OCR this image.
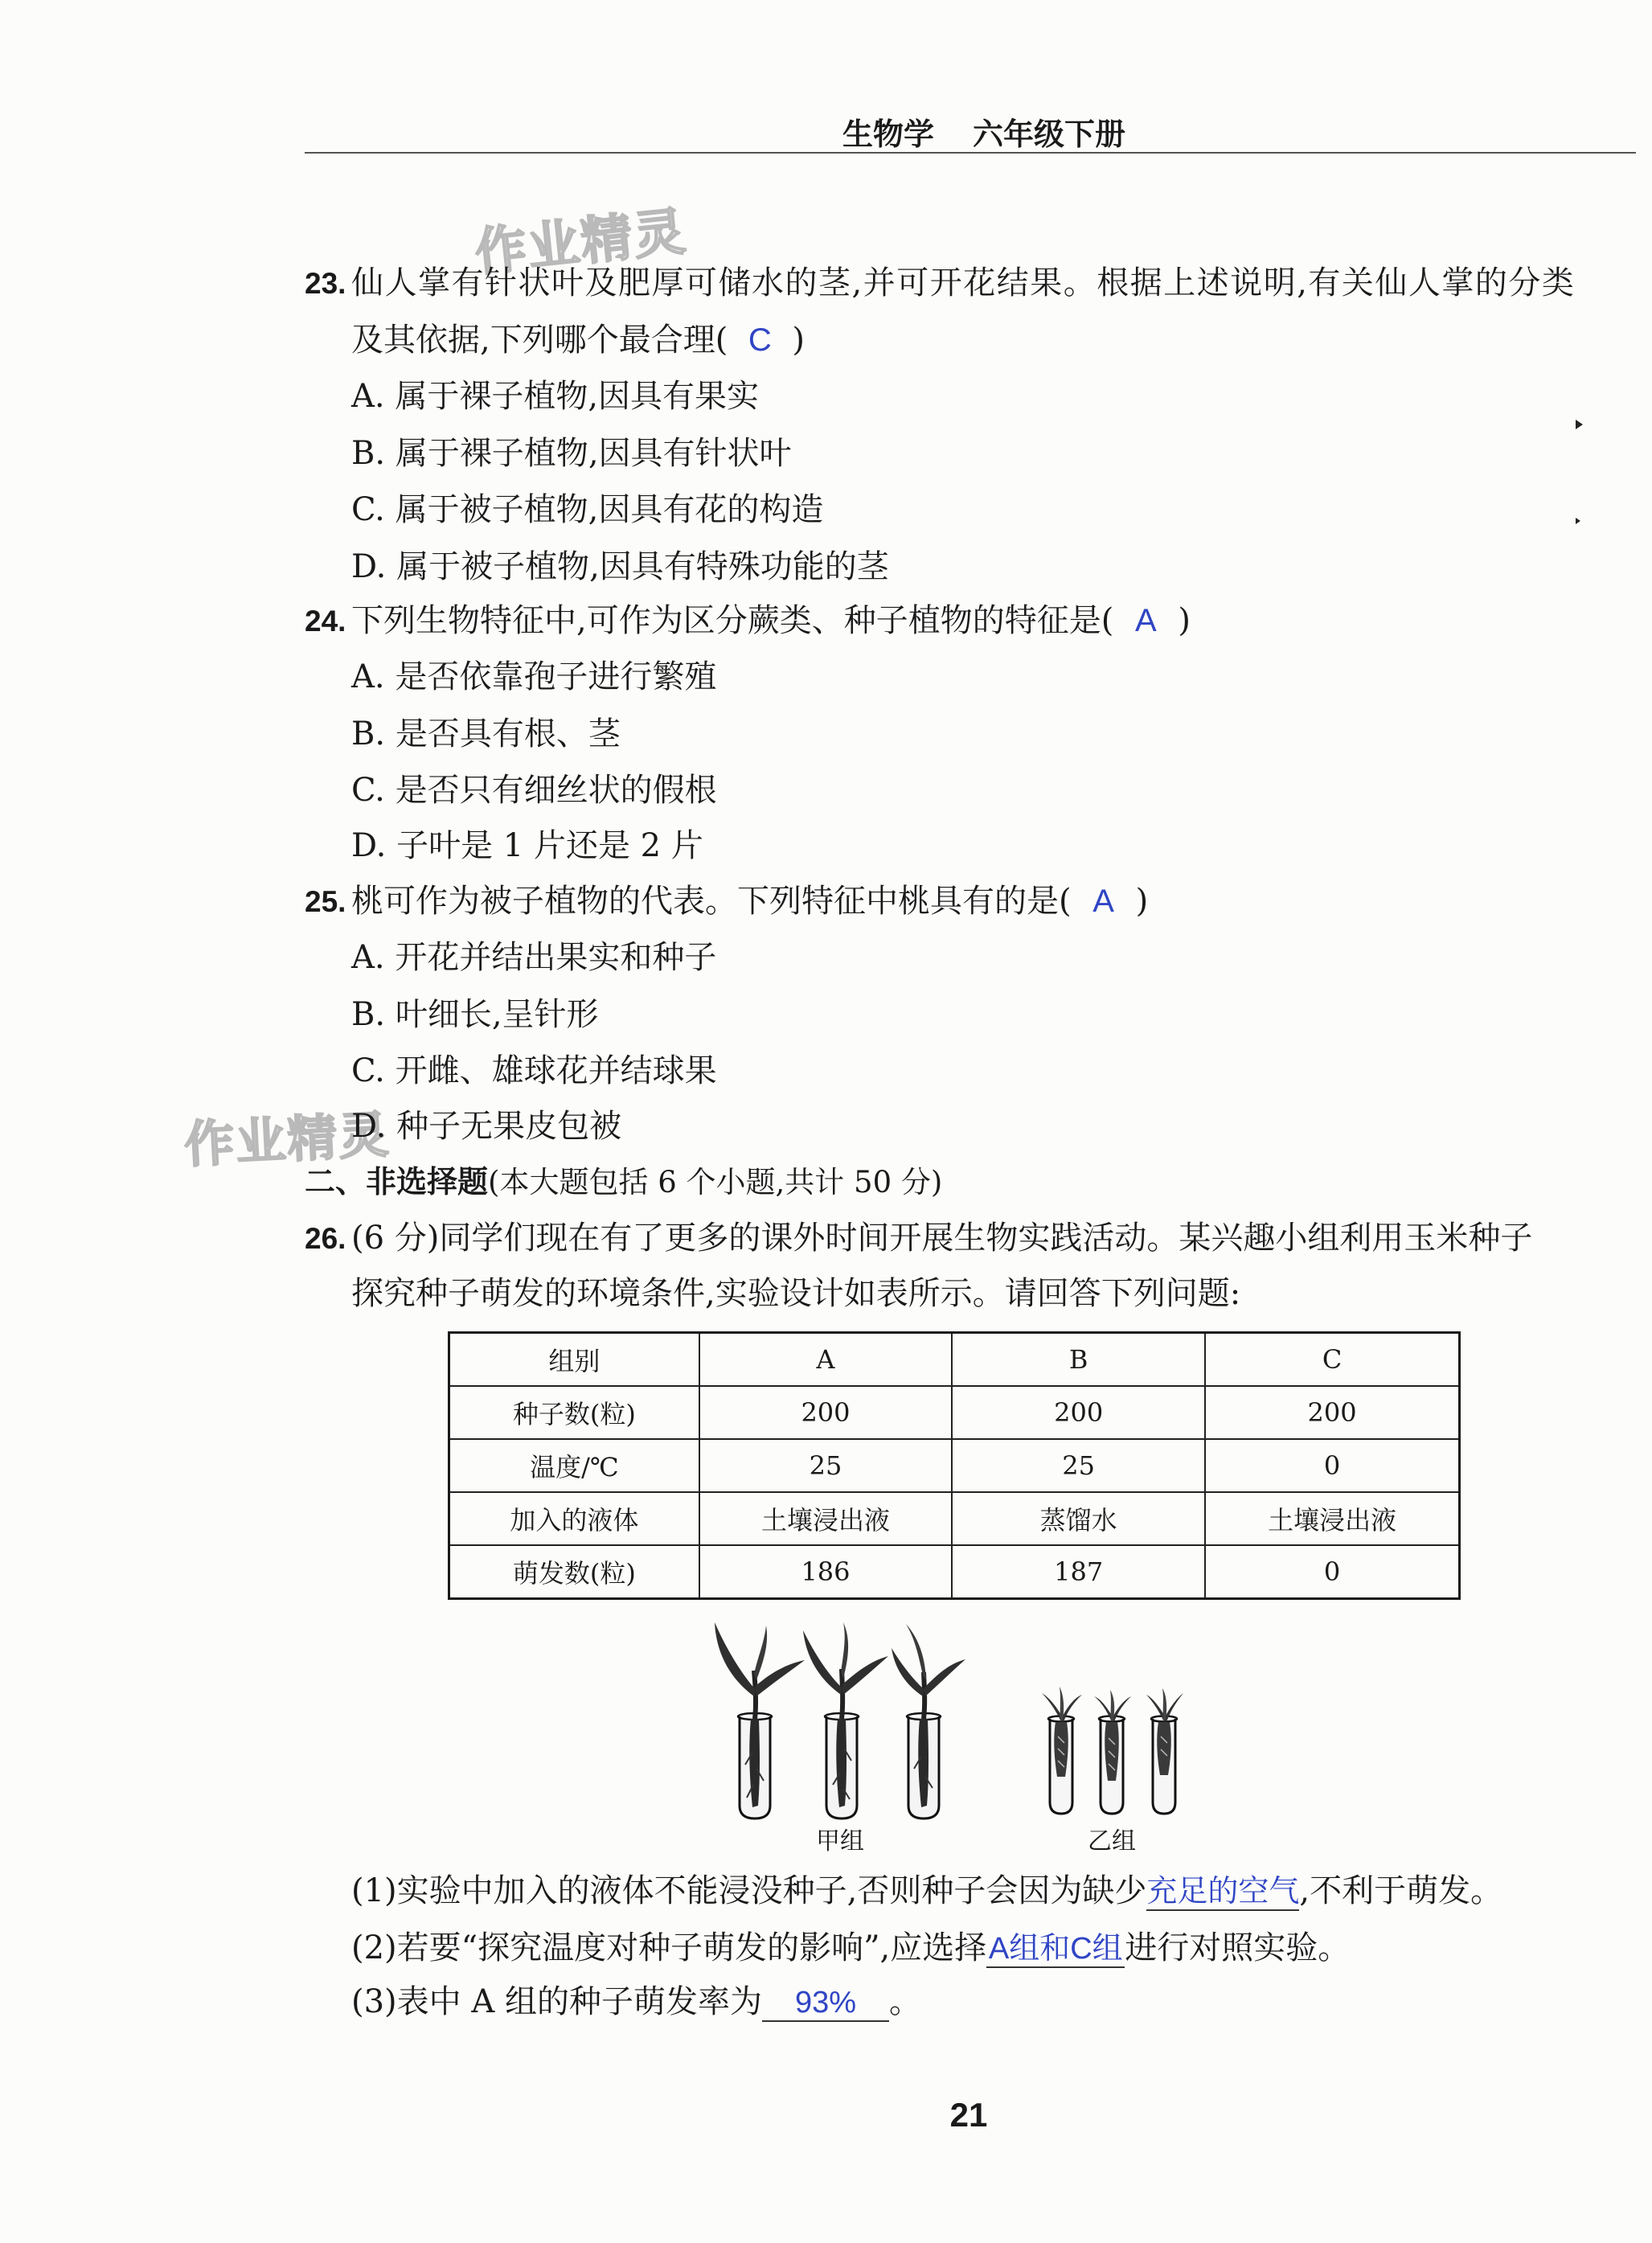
生物学 六年级下册
作业精灵
作业精灵
23. 仙人掌有针状叶及肥厚可储水的茎,并可开花结果。根据上述说明,有关仙人掌的分类
及其依据,下列哪个最合理( C )
A. 属于裸子植物,因具有果实
B. 属于裸子植物,因具有针状叶
C. 属于被子植物,因具有花的构造
D. 属于被子植物,因具有特殊功能的茎
24. 下列生物特征中,可作为区分蕨类、种子植物的特征是( A )
A. 是否依靠孢子进行繁殖
B. 是否具有根、茎
C. 是否只有细丝状的假根
D. 子叶是 1 片还是 2 片
25. 桃可作为被子植物的代表。下列特征中桃具有的是( A )
A. 开花并结出果实和种子
B. 叶细长,呈针形
C. 开雌、雄球花并结球果
D. 种子无果皮包被
二、非选择题(本大题包括 6 个小题,共计 50 分)
26. (6 分)同学们现在有了更多的课外时间开展生物实践活动。某兴趣小组利用玉米种子
探究种子萌发的环境条件,实验设计如表所示。请回答下列问题:
组别	A	B	C
种子数(粒)	200	200	200
温度/℃	25	25	0
加入的液体	土壤浸出液	蒸馏水	土壤浸出液
萌发数(粒)	186	187	0
甲组	乙组
(1)实验中加入的液体不能浸没种子,否则种子会因为缺少充足的空气,不利于萌发。
(2)若要“探究温度对种子萌发的影响”,应选择A组和C组进行对照实验。
(3)表中 A 组的种子萌发率为 93% 。
21
